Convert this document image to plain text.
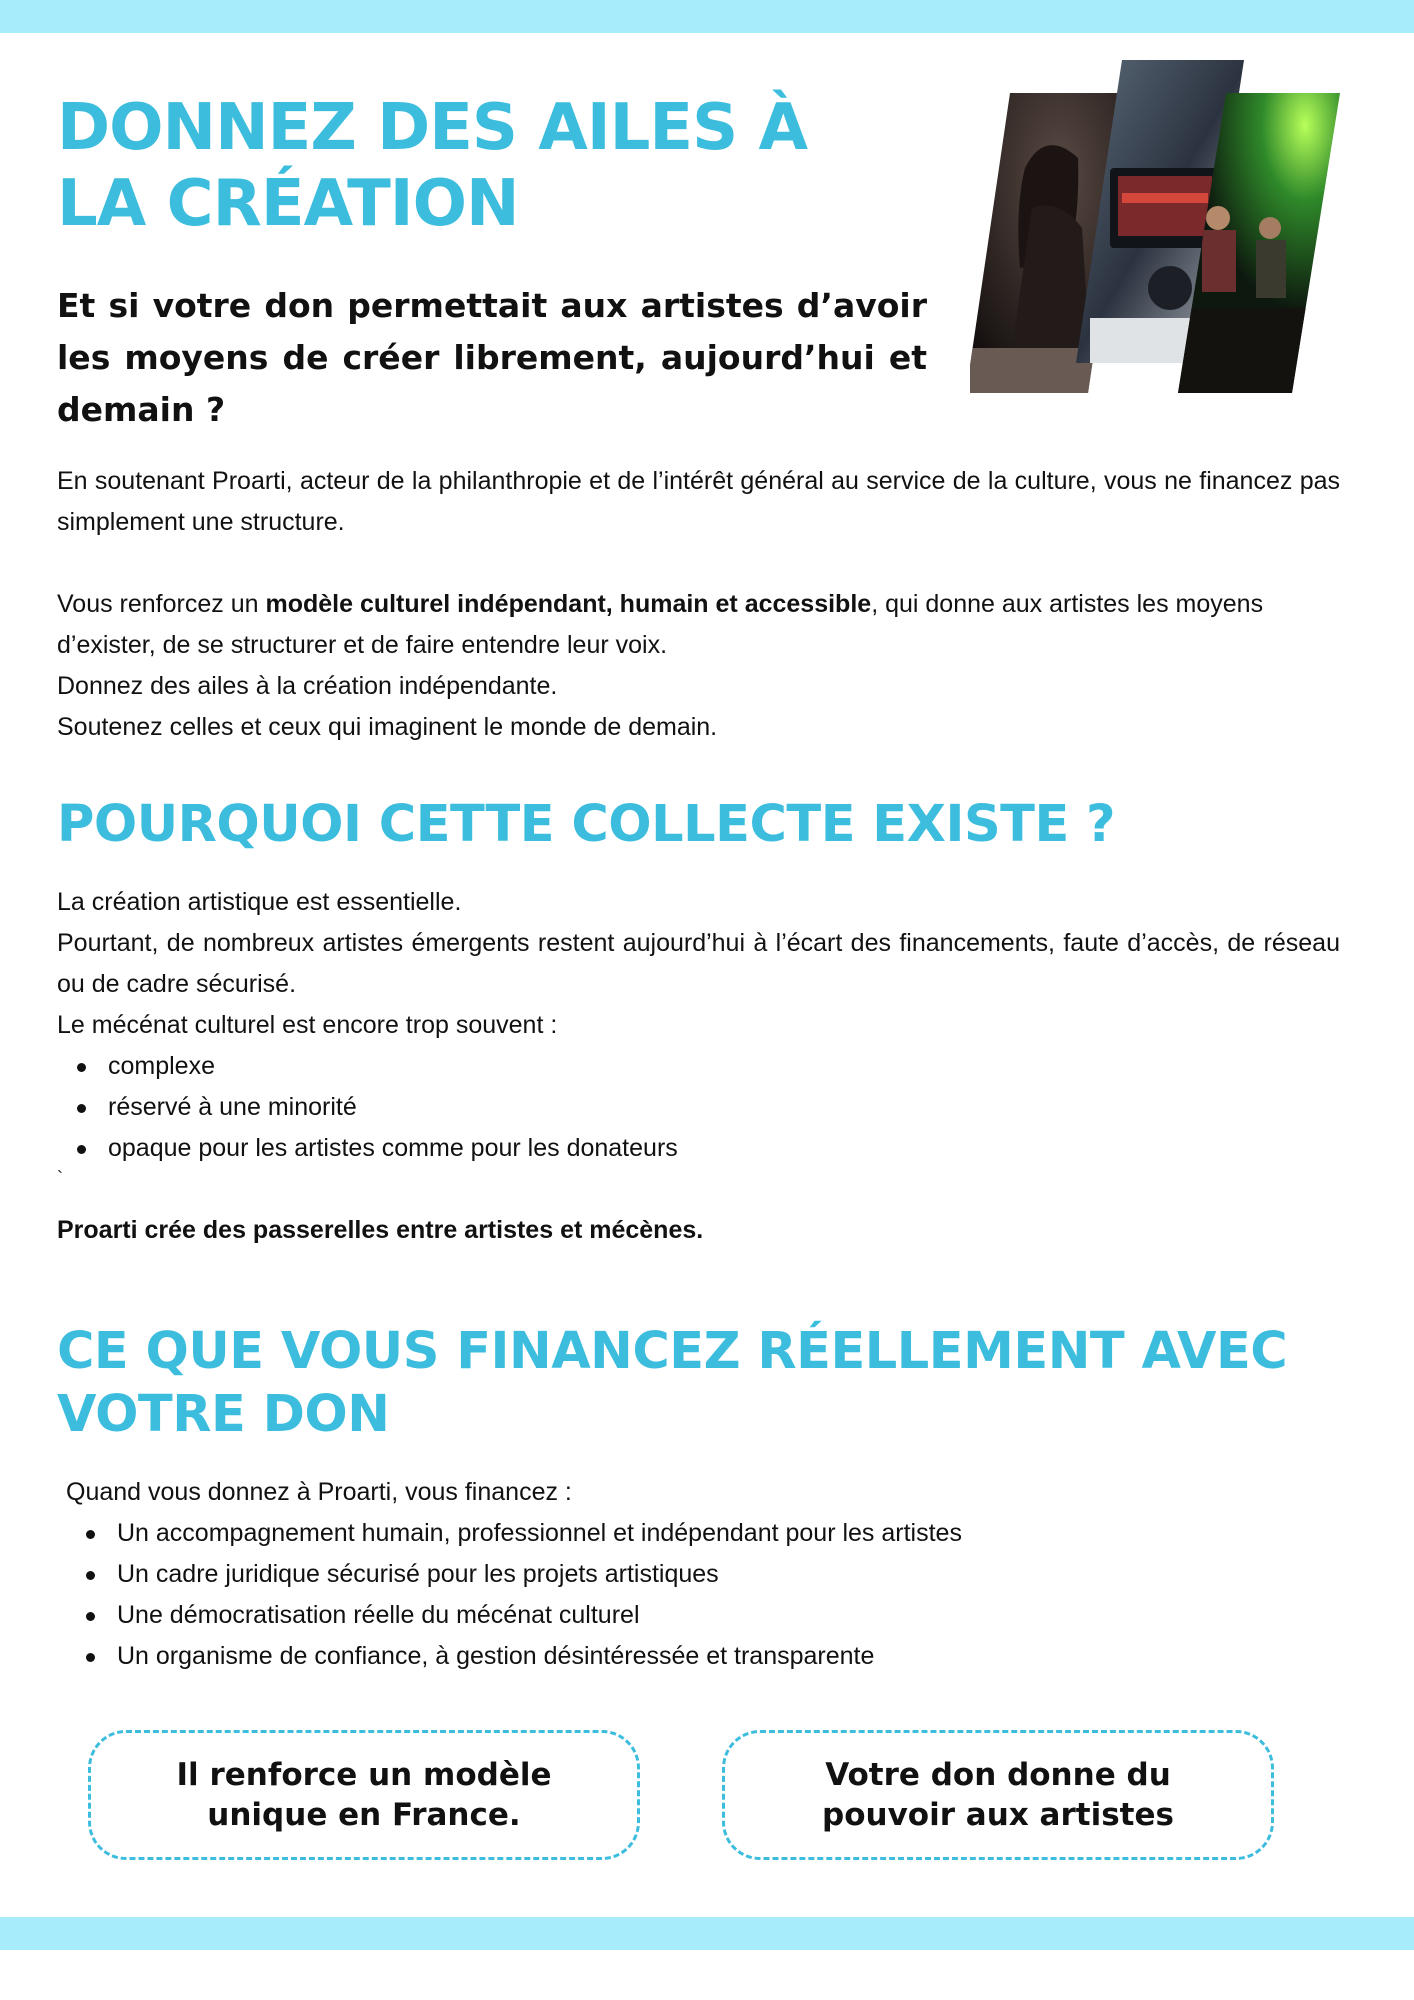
DONNEZ DES AILES À
LA CRÉATION

Et si votre don permettait aux artistes d’avoir les moyens de créer librement, aujourd’hui et demain ?

En soutenant Proarti, acteur de la philanthropie et de l’intérêt général au service de la culture, vous ne financez pas simplement une structure.

Vous renforcez un modèle culturel indépendant, humain et accessible, qui donne aux artistes les moyens d’exister, de se structurer et de faire entendre leur voix.

Donnez des ailes à la création indépendante.

Soutenez celles et ceux qui imaginent le monde de demain.

POURQUOI CETTE COLLECTE EXISTE ?

La création artistique est essentielle.

Pourtant, de nombreux artistes émergents restent aujourd’hui à l’écart des financements, faute d’accès, de réseau ou de cadre sécurisé.

Le mécénat culturel est encore trop souvent :

complexe
réservé à une minorité
opaque pour les artistes comme pour les donateurs

`

Proarti crée des passerelles entre artistes et mécènes.

CE QUE VOUS FINANCEZ RÉELLEMENT AVEC
VOTRE DON

Quand vous donnez à Proarti, vous financez :

Un accompagnement humain, professionnel et indépendant pour les artistes
Un cadre juridique sécurisé pour les projets artistiques
Une démocratisation réelle du mécénat culturel
Un organisme de confiance, à gestion désintéressée et transparente
Il renforce un modèle
unique en France.
Votre don donne du
pouvoir aux artistes
